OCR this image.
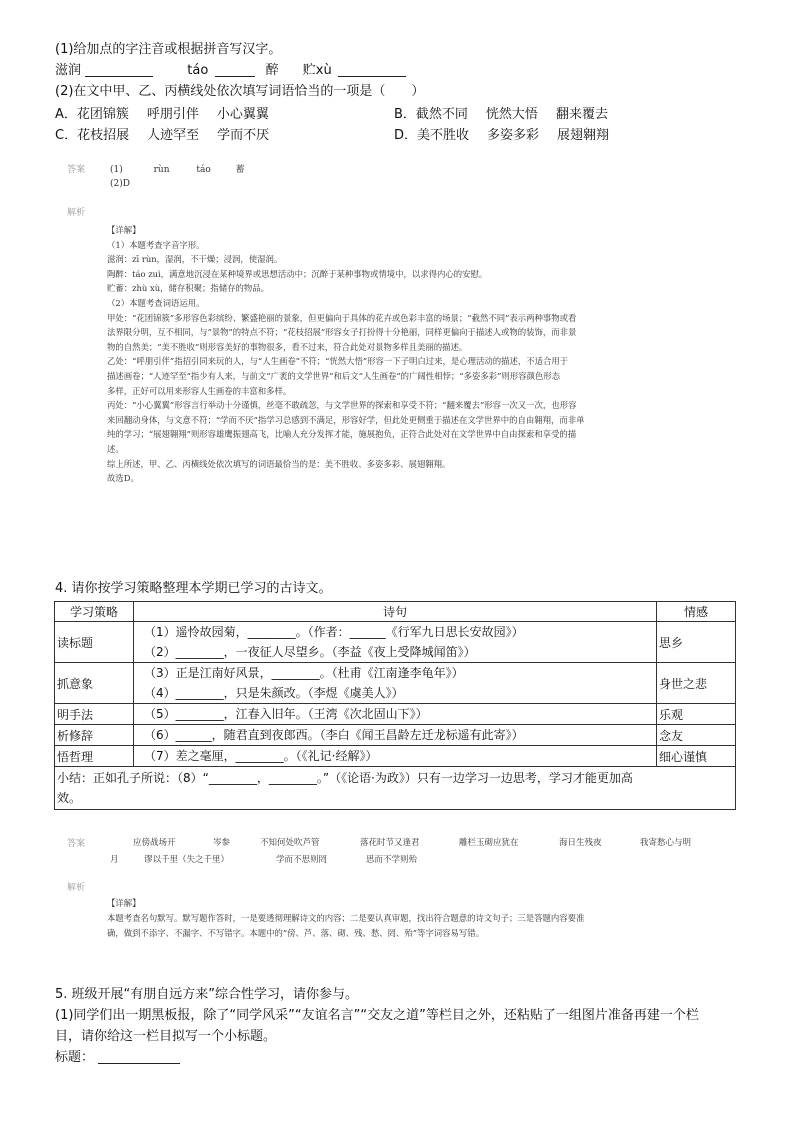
(1)给加点的字注音或根据拼音写汉字。
滋润	táo	醉 贮xù
(2)在文中甲、乙、丙横线处依次填写词语恰当的一项是（　　）
A．花团锦簇 呼朋引伴 小心翼翼	B．截然不同 恍然大悟 翻来覆去
C．花枝招展 人迹罕至 学而不厌	D．美不胜收 多姿多彩 展翅翱翔
答案	(1)	rùn	táo	蓄
(2)D
解析

【详解】

（1）本题考查字音字形。

滋润：zī rùn，湿润，不干燥；浸润，使湿润。

陶醉：táo zuì，满意地沉浸在某种境界或思想活动中；沉醉于某种事物或情境中，以求得内心的安慰。

贮蓄：zhù xù，储存积聚；指储存的物品。

（2）本题考查词语运用。

甲处：“花团锦簇”多形容色彩缤纷、繁盛艳丽的景象，但更偏向于具体的花卉或色彩丰富的场景；“截然不同”表示两种事物或看

法界限分明，互不相同，与“景物”的特点不符；“花枝招展”形容女子打扮得十分艳丽，同样更偏向于描述人或物的装饰，而非景

物的自然美；“美不胜收”则形容美好的事物很多，看不过来，符合此处对景物多样且美丽的描述。

乙处：“呼朋引伴”指招引同来玩的人，与“人生画卷”不符；“恍然大悟”形容一下子明白过来，是心理活动的描述，不适合用于

描述画卷；“人迹罕至”指少有人来，与前文“广袤的文学世界”和后文“人生画卷”的广阔性相悖；“多姿多彩”则形容颜色形态

多样，正好可以用来形容人生画卷的丰富和多样。

丙处：“小心翼翼”形容言行举动十分谨慎，丝毫不敢疏忽，与文学世界的探索和享受不符；“翻来覆去”形容一次又一次，也形容

来回翻动身体，与文意不符；“学而不厌”指学习总感到不满足，形容好学，但此处更侧重于描述在文学世界中的自由翱翔，而非单

纯的学习；“展翅翱翔”则形容雄鹰振翅高飞，比喻人充分发挥才能，施展抱负，正符合此处对在文学世界中自由探索和享受的描

述。

综上所述，甲、乙、丙横线处依次填写的词语最恰当的是：美不胜收、多姿多彩、展翅翱翔。

故选D。

4. 请你按学习策略整理本学期已学习的古诗文。
学习策略	诗句	情感
读标题	（1）遥怜故园菊，________。（作者：______《行军九日思长安故园》）
（2）________，一夜征人尽望乡。（李益《夜上受降城闻笛》）	思乡
抓意象	（3）正是江南好风景，________。（杜甫《江南逢李龟年》）
（4）________，只是朱颜改。（李煜《虞美人》）	身世之悲
明手法	（5）________，江春入旧年。（王湾《次北固山下》）	乐观
析修辞	（6）______，随君直到夜郎西。（李白《闻王昌龄左迁龙标遥有此寄》）	念友
悟哲理	（7）差之毫厘，________。（《礼记·经解》）	细心谨慎

小结：正如孔子所说：（8）“________，________。”（《论语·为政》）只有一边学习一边思考，学习才能更加高
效。		
答案	应傍战场开	岑参	不知何处吹芦管	落花时节又逢君	雕栏玉砌应犹在	海日生残夜	我寄愁心与明
月	谬以千里（失之千里）	学而不思则罔	思而不学则殆
解析

【详解】

本题考查名句默写。默写题作答时，一是要透彻理解诗文的内容；二是要认真审题，找出符合题意的诗文句子；三是答题内容要准

确，做到不添字、不漏字、不写错字。本题中的“傍、芦、落、砌、残、愁、罔、殆”等字词容易写错。

5. 班级开展“有朋自远方来”综合性学习，请你参与。
(1)同学们出一期黑板报，除了“同学风采”“友谊名言”“交友之道”等栏目之外，还粘贴了一组图片准备再建一个栏
目，请你给这一栏目拟写一个小标题。
标题：
